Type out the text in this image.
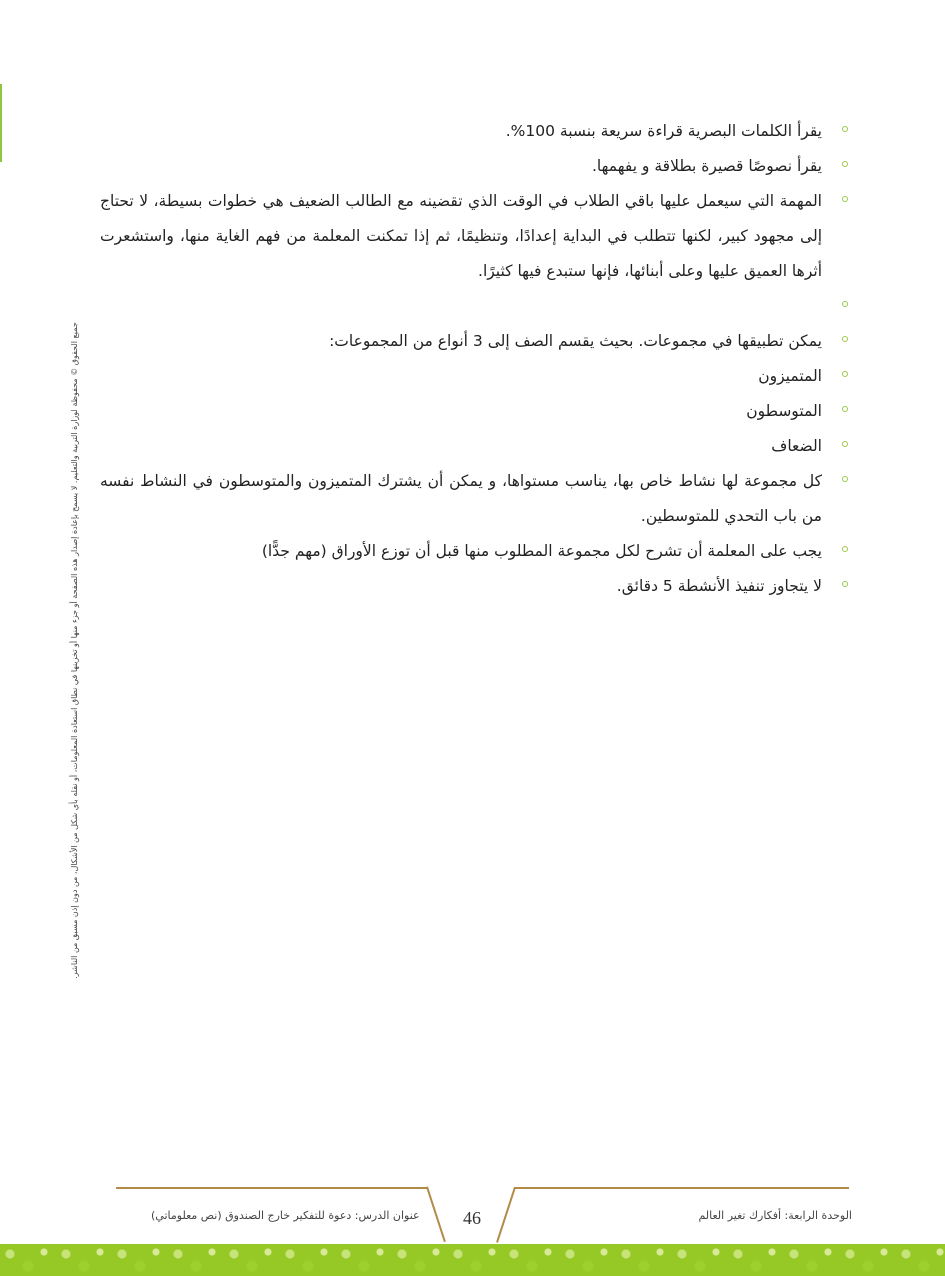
جميع الحقوق © محفوظة لوزارة التربية والتعليم. لا يسمح بإعادة إصدار هذه الصفحة أو جزء منها أو تخزينها في نطاق استعادة المعلومات، أو نقله بأي شكل من الأشكال، من دون إذن مسبق من الناشر.
يقرأ الكلمات البصرية قراءة سريعة بنسبة 100%.
يقرأ نصوصًا قصيرة بطلاقة و يفهمها.
المهمة التي سيعمل عليها باقي الطلاب في الوقت الذي تقضينه مع الطالب الضعيف هي خطوات بسيطة، لا تحتاج إلى مجهود كبير، لكنها تتطلب في البداية إعدادًا، وتنظيمًا، ثم إذا تمكنت المعلمة من فهم الغاية منها، واستشعرت أثرها العميق عليها وعلى أبنائها، فإنها ستبدع فيها كثيرًا.
يمكن تطبيقها في مجموعات. بحيث يقسم الصف إلى 3 أنواع من المجموعات:
المتميزون
المتوسطون
الضعاف
كل مجموعة لها نشاط خاص بها، يناسب مستواها، و يمكن أن يشترك المتميزون والمتوسطون في النشاط نفسه من باب التحدي للمتوسطين.
يجب على المعلمة أن تشرح لكل مجموعة المطلوب منها قبل أن توزع الأوراق (مهم جدًّا)
لا يتجاوز تنفيذ الأنشطة 5 دقائق.
46
عنوان الدرس: دعوة للتفكير خارج الصندوق (نص معلوماتي)	الوحدة الرابعة: أفكارك تغير العالم
